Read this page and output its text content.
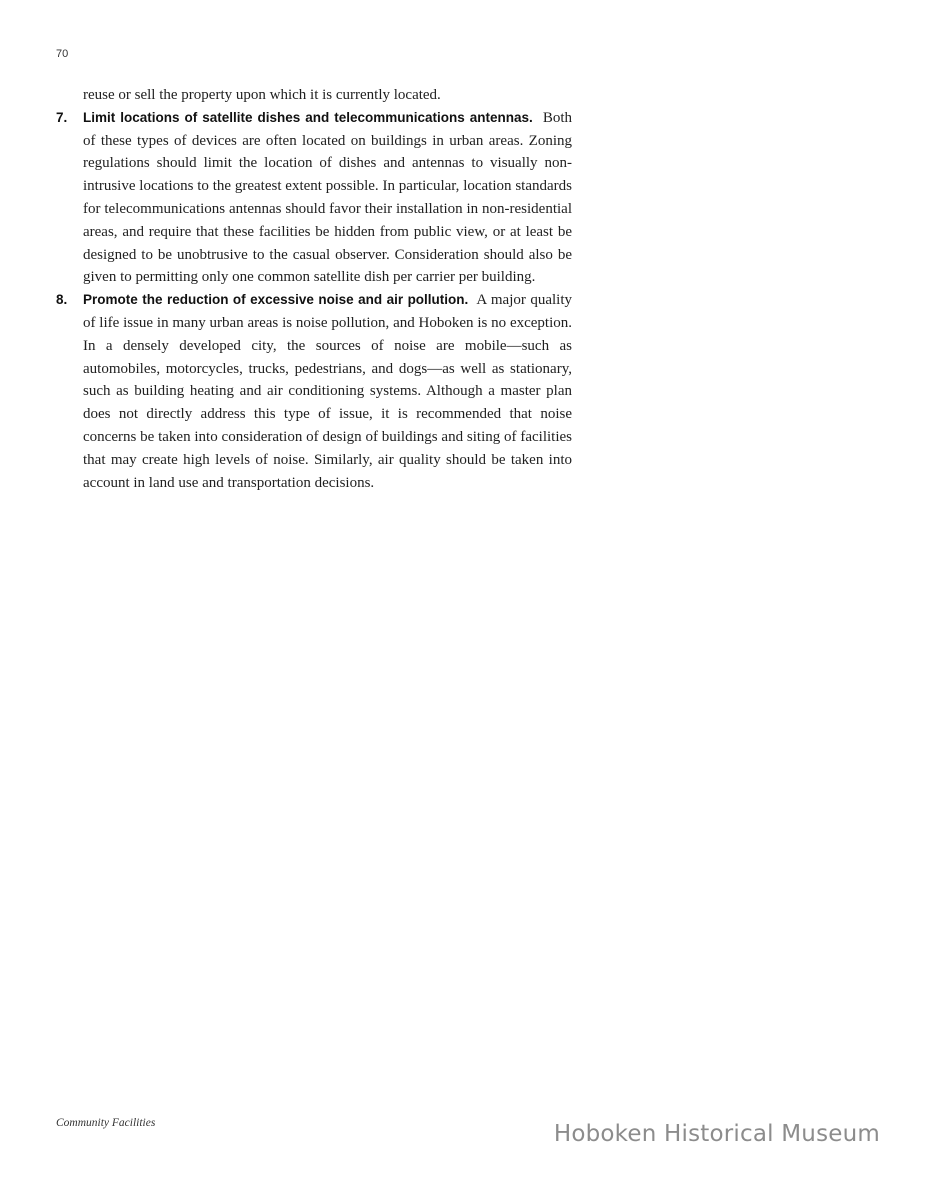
70

reuse or sell the property upon which it is currently located.

7. Limit locations of satellite dishes and telecommunications antennas. Both of these types of devices are often located on buildings in urban areas. Zoning regulations should limit the location of dishes and antennas to visually non-intrusive locations to the greatest extent possible. In particular, location standards for telecommunications antennas should favor their installation in non-residential areas, and require that these facilities be hidden from public view, or at least be designed to be unobtrusive to the casual observer. Consideration should also be given to permitting only one common satellite dish per carrier per building.

8. Promote the reduction of excessive noise and air pollution. A major quality of life issue in many urban areas is noise pollution, and Hoboken is no exception. In a densely developed city, the sources of noise are mobile—such as automobiles, motorcycles, trucks, pedestrians, and dogs—as well as stationary, such as building heating and air conditioning systems. Although a master plan does not directly address this type of issue, it is recommended that noise concerns be taken into consideration of design of buildings and siting of facilities that may create high levels of noise. Similarly, air quality should be taken into account in land use and transportation decisions.

Community Facilities	Hoboken Historical Museum
